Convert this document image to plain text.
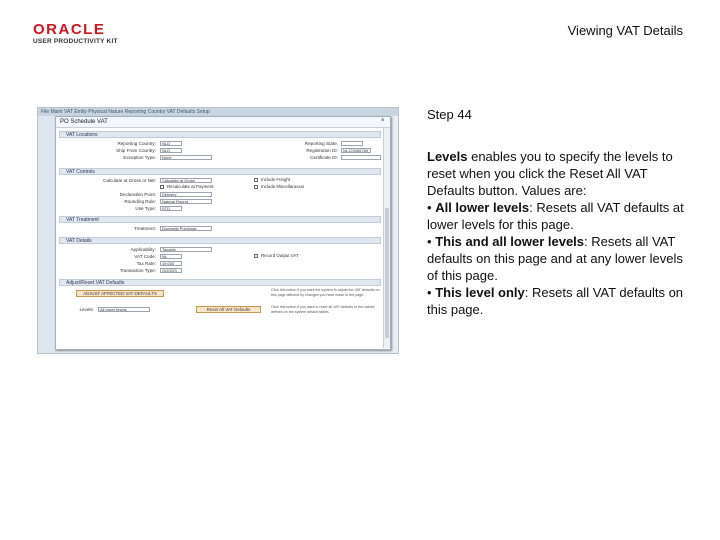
ORACLE
USER PRODUCTIVITY KIT
Viewing VAT Details
File Maint VAT Entity Physical Nature Reporting Country VAT Defaults Setup
PO Schedule VAT	×
VAT Locations
Reporting Country:	NLD
Ship From Country:	NLD
Exception Type:	None
Reporting State:
Registration ID:	NL123456789
Certificate ID:
VAT Controls
Calculate at Gross or Net:	Calculate at Gross
Recalculate at Payment
Declaration Point:	Delivery
Rounding Rule:	Natural Round
Use Type:	STD
Include Freight
Include Miscellaneous
VAT Treatment
Treatment:	Domestic Purchase
VAT Details
Applicability:	Taxable
VAT Code:	NL
Tax Rate:	19.000
Transaction Type:	GOODS
Record Output VAT
Adjust/Reset VAT Defaults
ADJUST AFFECTED VAT DEFAULTS
Click this button if you want the system to adjust the VAT defaults on this page affected by changes you have made to the page.
Levels:	All lower levels	Reset All VAT Defaults	Click this button if you want to reset all VAT defaults to the values defined on the system default tables.
Step 44

Levels enables you to specify the levels to reset when you click the Reset All VAT Defaults button. Values are:

• All lower levels: Resets all VAT defaults at lower levels for this page.

• This and all lower levels: Resets all VAT defaults on this page and at any lower levels of this page.

• This level only: Resets all VAT defaults on this page.
